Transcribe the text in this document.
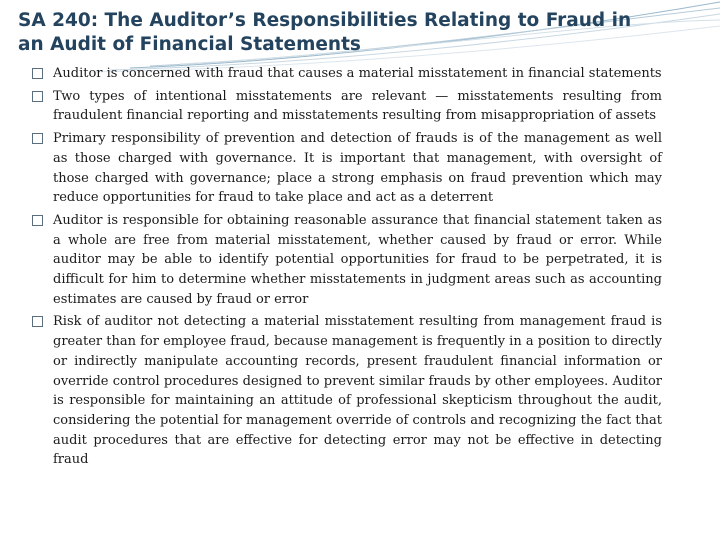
SA 240: The Auditor’s Responsibilities Relating to Fraud in an Audit of Financial Statements
Auditor is concerned with fraud that causes a material misstatement in financial statements
Two types of intentional misstatements are relevant — misstatements resulting from fraudulent financial reporting and misstatements resulting from misappropriation of assets
Primary responsibility of prevention and detection of frauds is of the management as well as those charged with governance. It is important that management, with oversight of those charged with governance; place a strong emphasis on fraud prevention which may reduce opportunities for fraud to take place and act as a deterrent
Auditor is responsible for obtaining reasonable assurance that financial statement taken as a whole are free from material misstatement, whether caused by fraud or error. While auditor may be able to identify potential opportunities for fraud to be perpetrated, it is difficult for him to determine whether misstatements in judgment areas such as accounting estimates are caused by fraud or error
Risk of auditor not detecting a material misstatement resulting from management fraud is greater than for employee fraud, because management is frequently in a position to directly or indirectly manipulate accounting records, present fraudulent financial information or override control procedures designed to prevent similar frauds by other employees. Auditor is responsible for maintaining an attitude of professional skepticism throughout the audit, considering the potential for management override of controls and recognizing the fact that audit procedures that are effective for detecting error may not be effective in detecting fraud
